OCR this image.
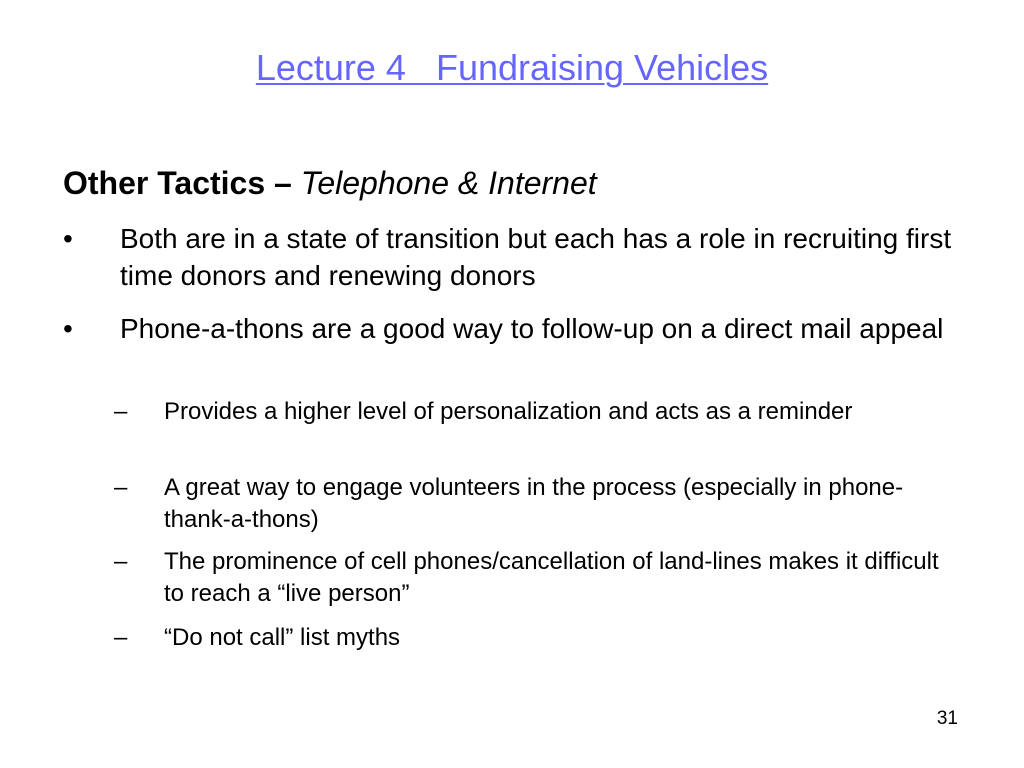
Lecture 4   Fundraising Vehicles
Other Tactics – Telephone & Internet
• Both are in a state of transition but each has a role in recruiting first time donors and renewing donors
• Phone-a-thons are a good way to follow-up on a direct mail appeal
– Provides a higher level of personalization and acts as a reminder
– A great way to engage volunteers in the process (especially in phone-thank-a-thons)
– The prominence of cell phones/cancellation of land-lines makes it difficult to reach a “live person”
– “Do not call” list myths
31
